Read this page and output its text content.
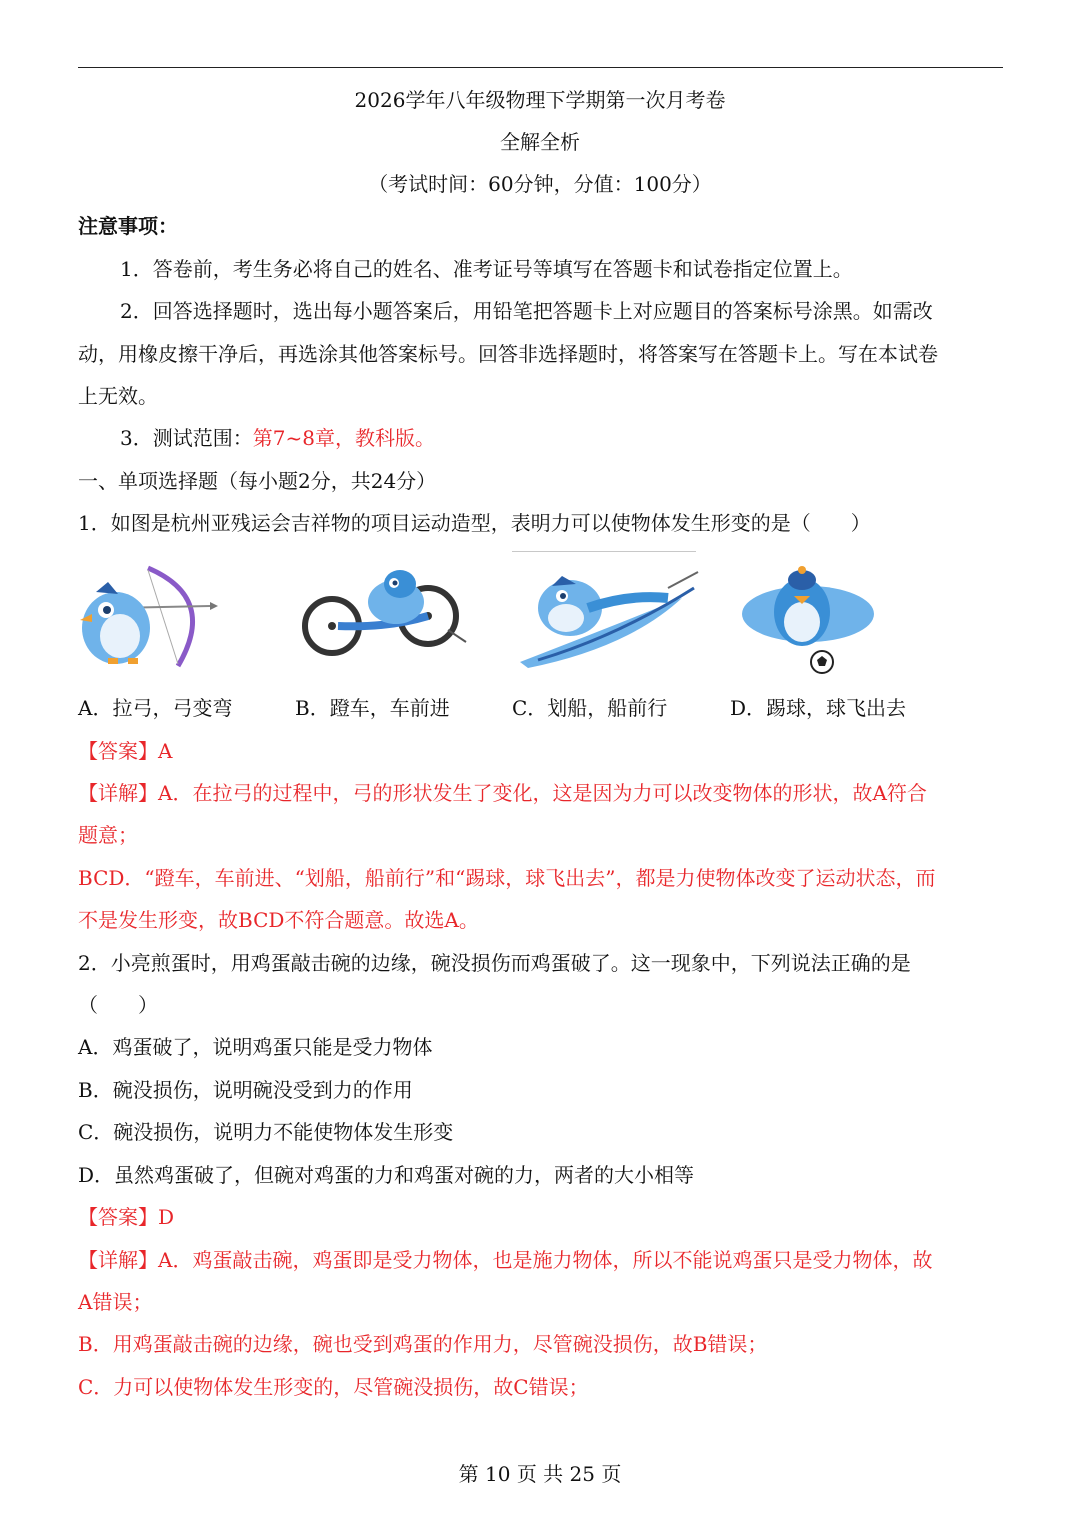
2026学年八年级物理下学期第一次月考卷
全解全析
（考试时间：60分钟，分值：100分）
注意事项：
1．答卷前，考生务必将自己的姓名、准考证号等填写在答题卡和试卷指定位置上。
2．回答选择题时，选出每小题答案后，用铅笔把答题卡上对应题目的答案标号涂黑。如需改
动，用橡皮擦干净后，再选涂其他答案标号。回答非选择题时，将答案写在答题卡上。写在本试卷
上无效。
3．测试范围：第7~8章，教科版。
一、单项选择题（每小题2分，共24分）
1．如图是杭州亚残运会吉祥物的项目运动造型，表明力可以使物体发生形变的是（　　）
A．拉弓，弓变弯	B．蹬车，车前进	C．划船，船前行	D．踢球，球飞出去
【答案】A
【详解】A．在拉弓的过程中，弓的形状发生了变化，这是因为力可以改变物体的形状，故A符合
题意；
BCD．“蹬车，车前进、“划船，船前行”和“踢球，球飞出去”，都是力使物体改变了运动状态，而
不是发生形变，故BCD不符合题意。故选A。
2．小亮煎蛋时，用鸡蛋敲击碗的边缘，碗没损伤而鸡蛋破了。这一现象中，下列说法正确的是
（　　）
A．鸡蛋破了，说明鸡蛋只能是受力物体
B．碗没损伤，说明碗没受到力的作用
C．碗没损伤，说明力不能使物体发生形变
D．虽然鸡蛋破了，但碗对鸡蛋的力和鸡蛋对碗的力，两者的大小相等
【答案】D
【详解】A．鸡蛋敲击碗，鸡蛋即是受力物体，也是施力物体，所以不能说鸡蛋只是受力物体，故
A错误；
B．用鸡蛋敲击碗的边缘，碗也受到鸡蛋的作用力，尽管碗没损伤，故B错误；
C．力可以使物体发生形变的，尽管碗没损伤，故C错误；
第 10 页 共 25 页
